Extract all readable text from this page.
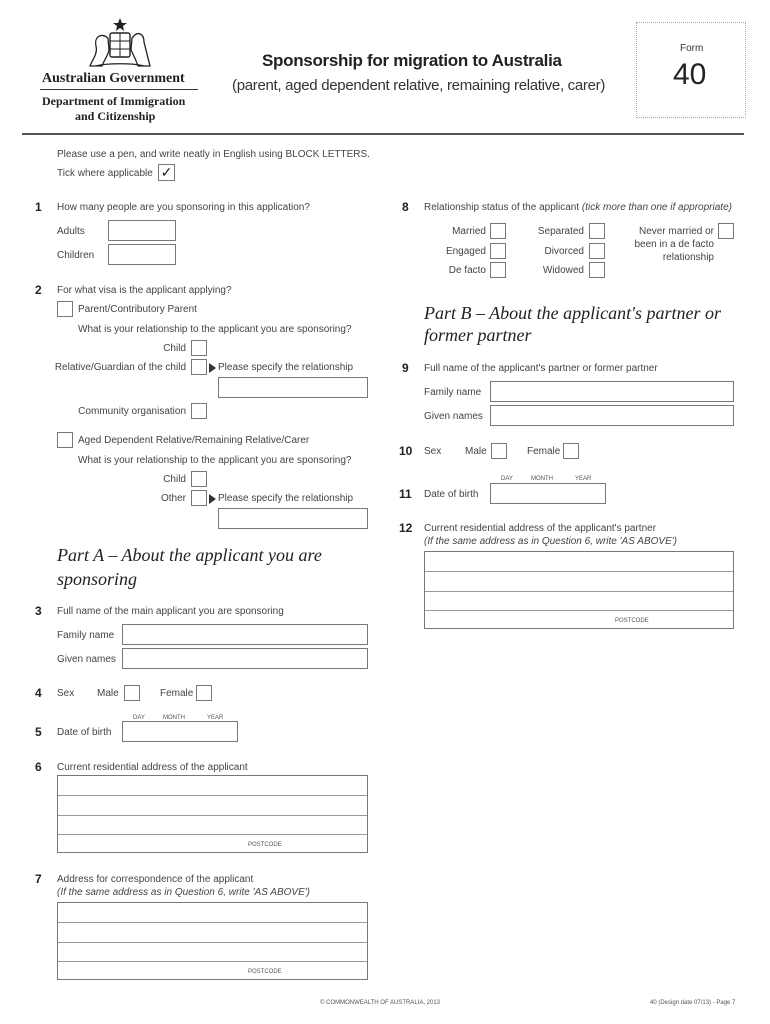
Australian Government
Department of Immigration
and Citizenship
Sponsorship for migration to Australia
(parent, aged dependent relative, remaining relative, carer)
Form
40
Please use a pen, and write neatly in English using BLOCK LETTERS.
Tick where applicable ✓
1 How many people are you sponsoring in this application?
Adults
Children
2 For what visa is the applicant applying?
Parent/Contributory Parent
What is your relationship to the applicant you are sponsoring?
Child
Relative/Guardian of the child	Please specify the relationship
Community organisation
Aged Dependent Relative/Remaining Relative/Carer
What is your relationship to the applicant you are sponsoring?
Child
Other	Please specify the relationship
Part A – About the applicant you are
sponsoring
3 Full name of the main applicant you are sponsoring
Family name
Given names
4 Sex Male	Female
DAY	MONTH	YEAR
5 Date of birth
6 Current residential address of the applicant
POSTCODE
7 Address for correspondence of the applicant
(If the same address as in Question 6, write 'AS ABOVE')
POSTCODE
8 Relationship status of the applicant (tick more than one if appropriate)
Married
Engaged
De facto
Separated
Divorced
Widowed
Never married or
been in a de facto
relationship
Part B – About the applicant's partner or
former partner
9 Full name of the applicant's partner or former partner
Family name
Given names
10 Sex Male	Female
DAY	MONTH	YEAR
11 Date of birth
12 Current residential address of the applicant's partner
(If the same address as in Question 6, write 'AS ABOVE')
POSTCODE
© COMMONWEALTH OF AUSTRALIA, 2013	40 (Design date 07/13) - Page 7
